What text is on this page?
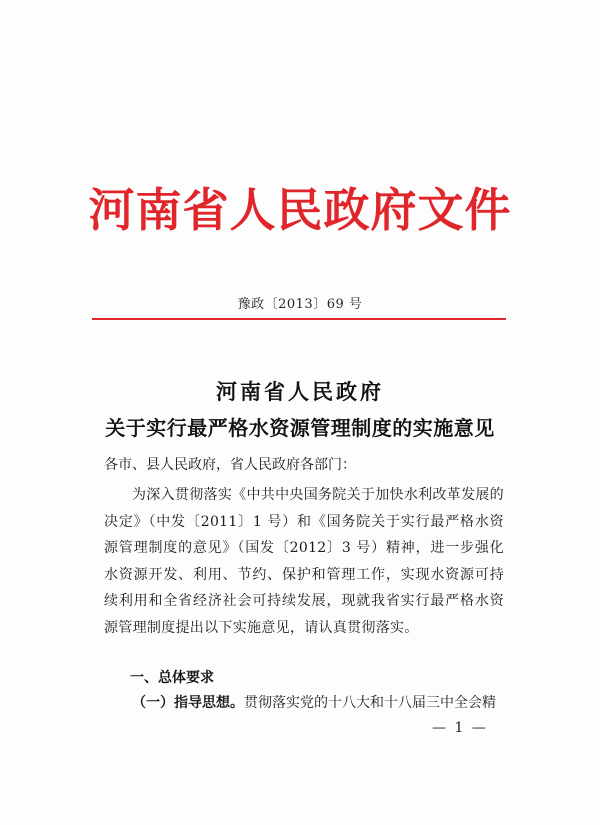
河南省人民政府文件
豫政〔2013〕69 号
河南省人民政府
关于实行最严格水资源管理制度的实施意见
各市、县人民政府，省人民政府各部门：
为深入贯彻落实《中共中央国务院关于加快水利改革发展的决定》（中发〔2011〕1 号）和《国务院关于实行最严格水资源管理制度的意见》（国发〔2012〕3 号）精神，进一步强化水资源开发、利用、节约、保护和管理工作，实现水资源可持续利用和全省经济社会可持续发展，现就我省实行最严格水资源管理制度提出以下实施意见，请认真贯彻落实。
一、总体要求
（一）指导思想。贯彻落实党的十八大和十八届三中全会精
— 1 —
